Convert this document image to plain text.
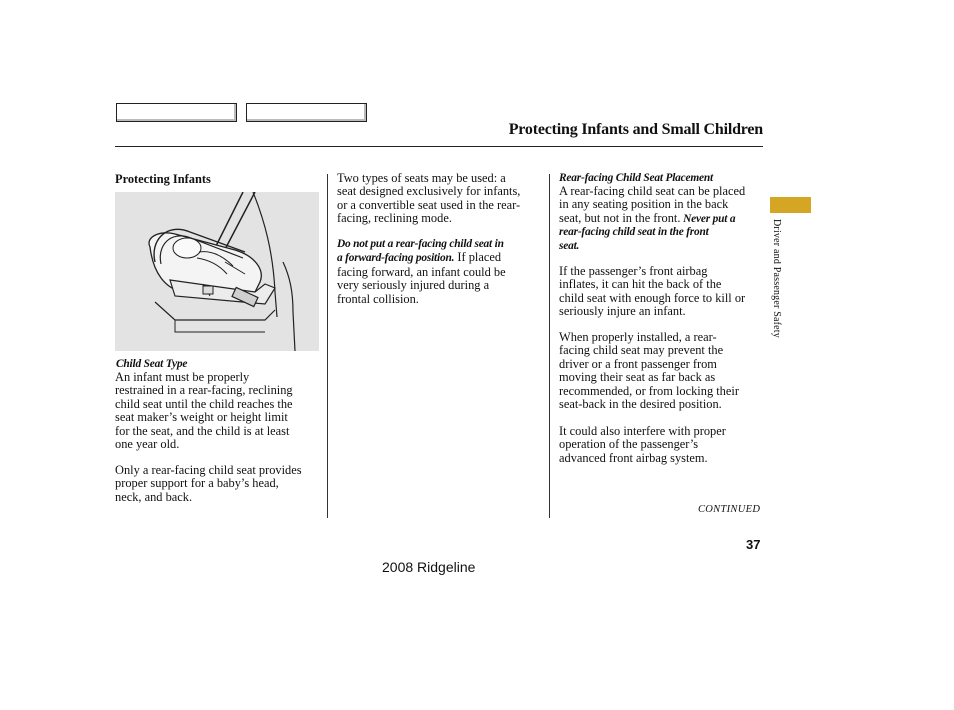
Protecting Infants and Small Children
Driver and Passenger Safety
Protecting Infants
Child Seat Type
An infant must be properly
restrained in a rear-facing, reclining
child seat until the child reaches the
seat maker’s weight or height limit
for the seat, and the child is at least
one year old.
Only a rear-facing child seat provides
proper support for a baby’s head,
neck, and back.
Two types of seats may be used: a
seat designed exclusively for infants,
or a convertible seat used in the rear-
facing, reclining mode.
Do not put a rear-facing child seat in
a forward-facing position. If placed
facing forward, an infant could be
very seriously injured during a
frontal collision.
Rear-facing Child Seat Placement
A rear-facing child seat can be placed
in any seating position in the back
seat, but not in the front. Never put a
rear-facing child seat in the front
seat.
If the passenger’s front airbag
inflates, it can hit the back of the
child seat with enough force to kill or
seriously injure an infant.
When properly installed, a rear-
facing child seat may prevent the
driver or a front passenger from
moving their seat as far back as
recommended, or from locking their
seat-back in the desired position.
It could also interfere with proper
operation of the passenger’s
advanced front airbag system.
CONTINUED
37
2008 Ridgeline
